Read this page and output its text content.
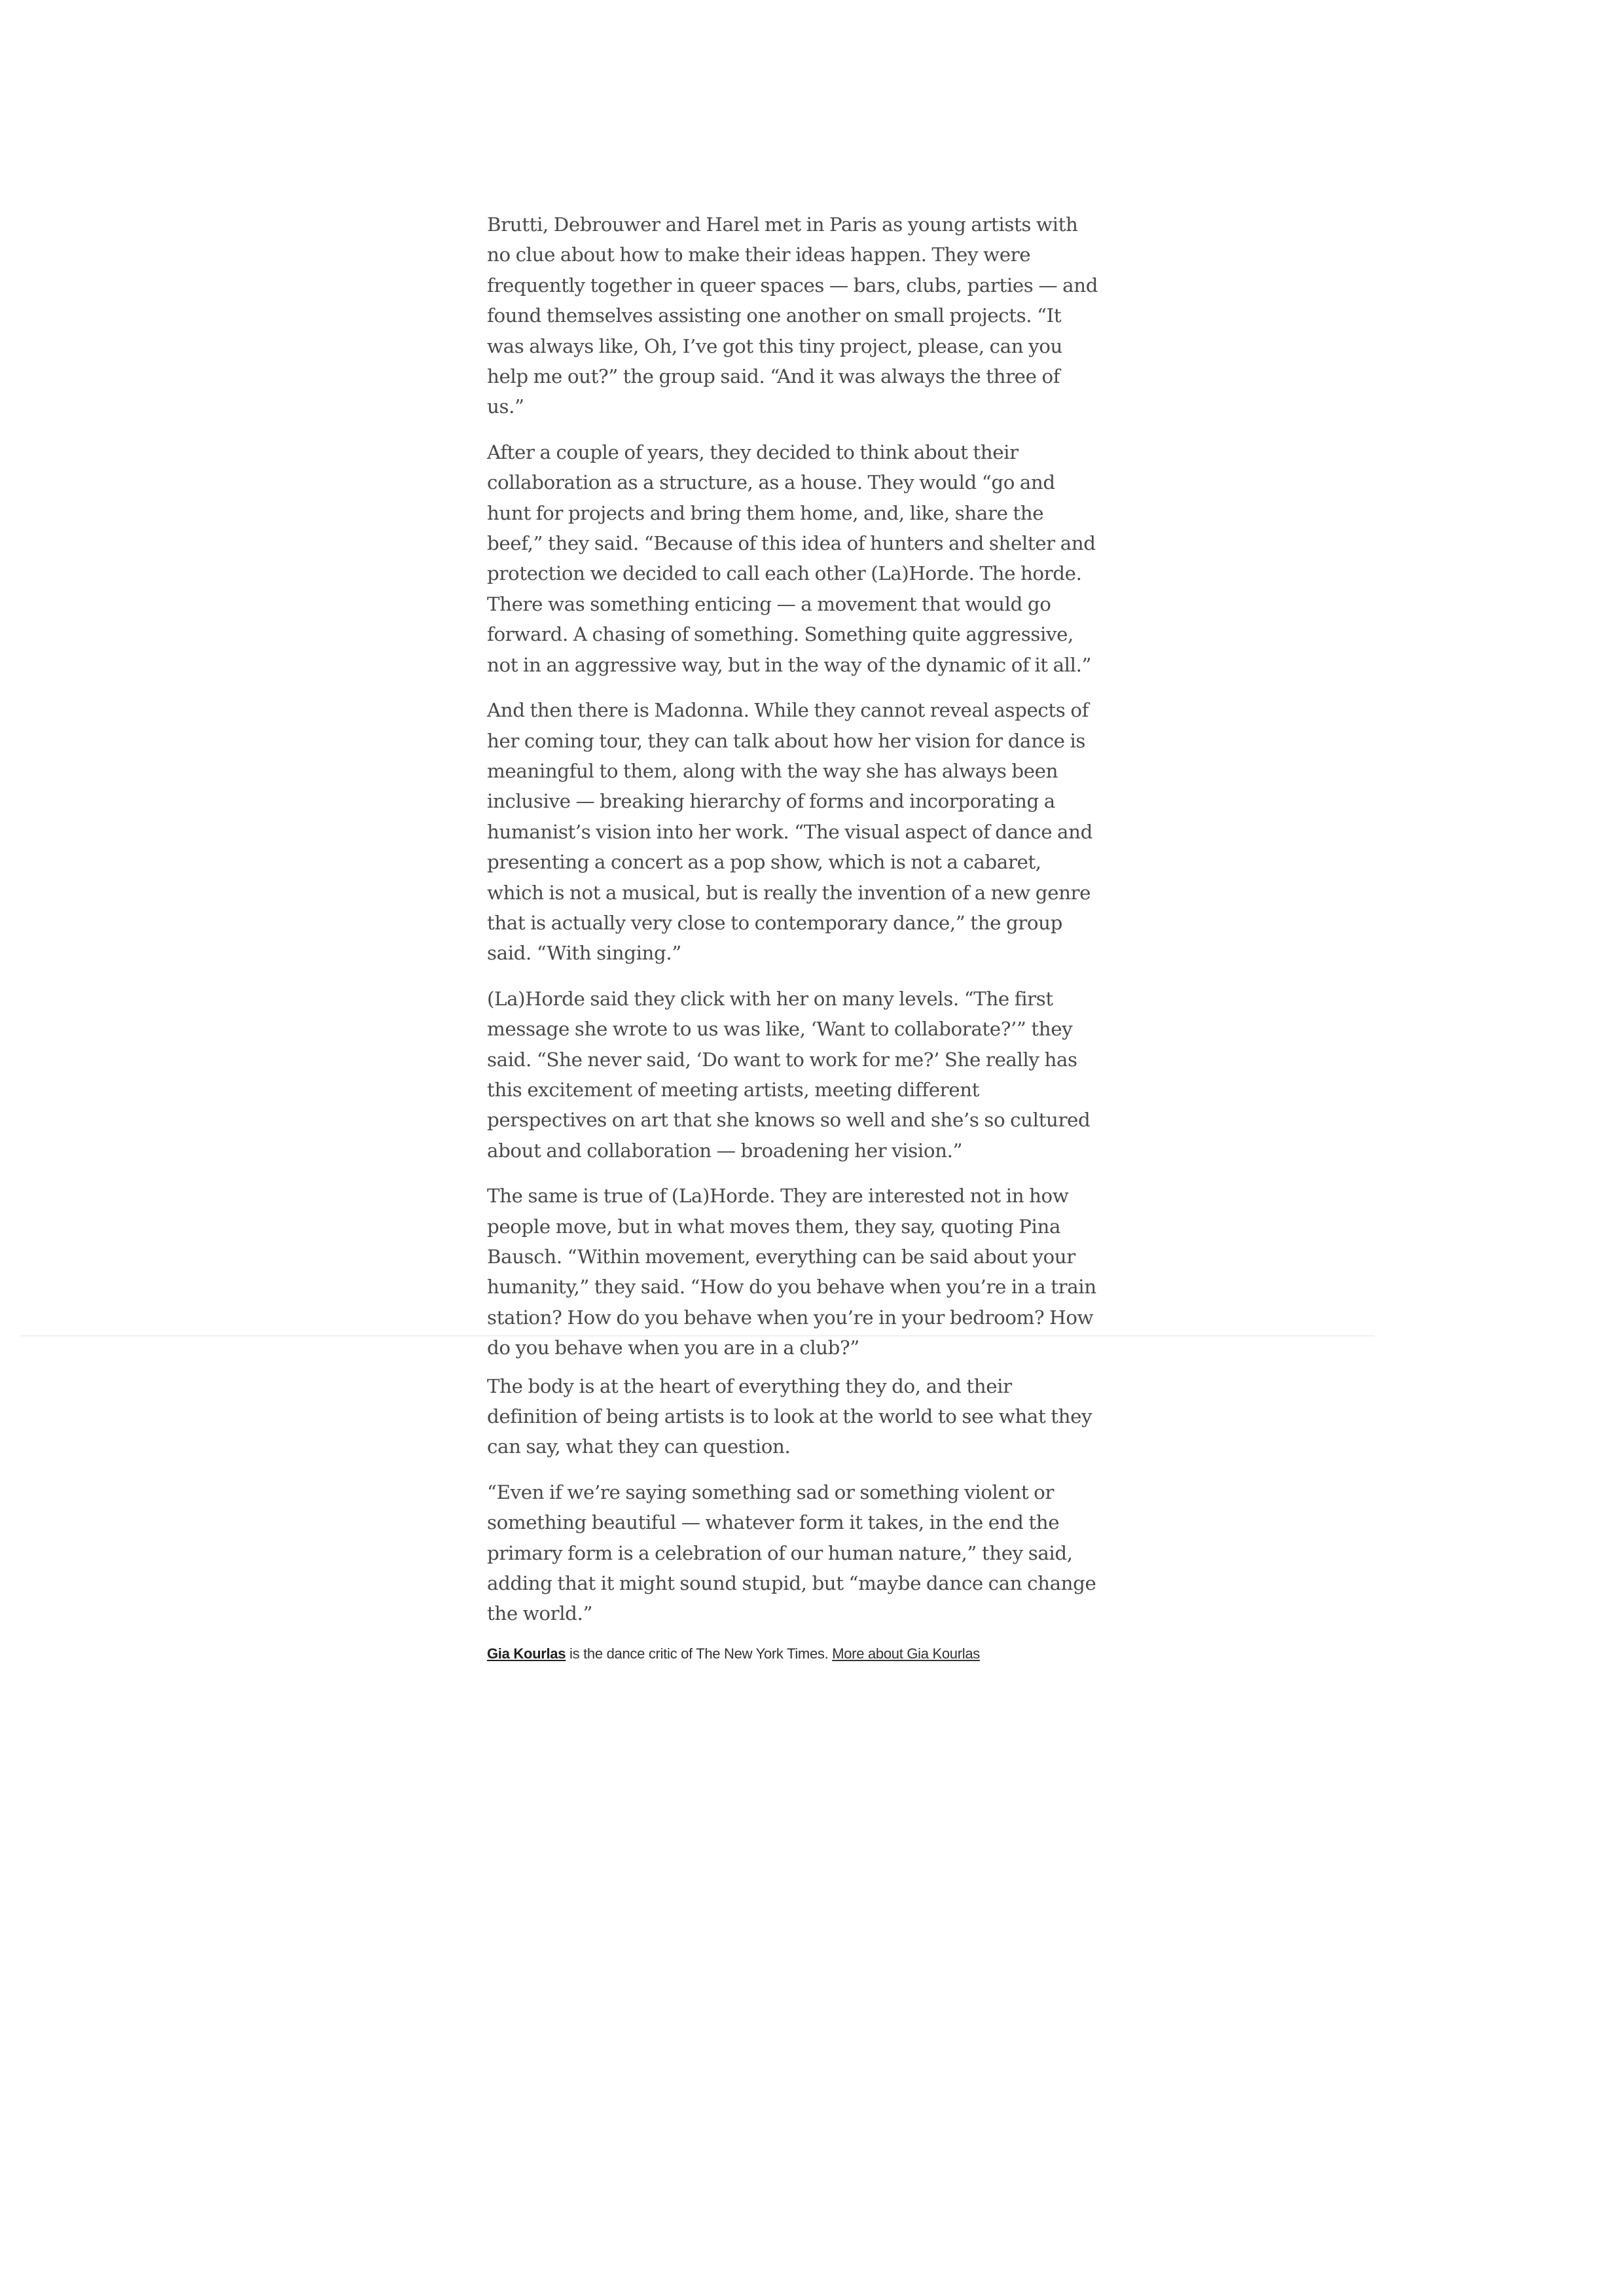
Brutti, Debrouwer and Harel met in Paris as young artists with no clue about how to make their ideas happen. They were frequently together in queer spaces — bars, clubs, parties — and found themselves assisting one another on small projects. “It was always like, Oh, I’ve got this tiny project, please, can you help me out?” the group said. “And it was always the three of us.”

After a couple of years, they decided to think about their collaboration as a structure, as a house. They would “go and hunt for projects and bring them home, and, like, share the beef,” they said. “Because of this idea of hunters and shelter and protection we decided to call each other (La)Horde. The horde. There was something enticing — a movement that would go forward. A chasing of something. Something quite aggressive, not in an aggressive way, but in the way of the dynamic of it all.”

And then there is Madonna. While they cannot reveal aspects of her coming tour, they can talk about how her vision for dance is meaningful to them, along with the way she has always been inclusive — breaking hierarchy of forms and incorporating a humanist’s vision into her work. “The visual aspect of dance and presenting a concert as a pop show, which is not a cabaret, which is not a musical, but is really the invention of a new genre that is actually very close to contemporary dance,” the group said. “With singing.”

(La)Horde said they click with her on many levels. “The first message she wrote to us was like, ‘Want to collaborate?’” they said. “She never said, ‘Do want to work for me?’ She really has this excitement of meeting artists, meeting different perspectives on art that she knows so well and she’s so cultured about and collaboration — broadening her vision.”

The same is true of (La)Horde. They are interested not in how people move, but in what moves them, they say, quoting Pina Bausch. “Within movement, everything can be said about your humanity,” they said. “How do you behave when you’re in a train station? How do you behave when you’re in your bedroom? How do you behave when you are in a club?”

The body is at the heart of everything they do, and their definition of being artists is to look at the world to see what they can say, what they can question.

“Even if we’re saying something sad or something violent or something beautiful — whatever form it takes, in the end the primary form is a celebration of our human nature,” they said, adding that it might sound stupid, but “maybe dance can change the world.”

Gia Kourlas is the dance critic of The New York Times. More about Gia Kourlas
